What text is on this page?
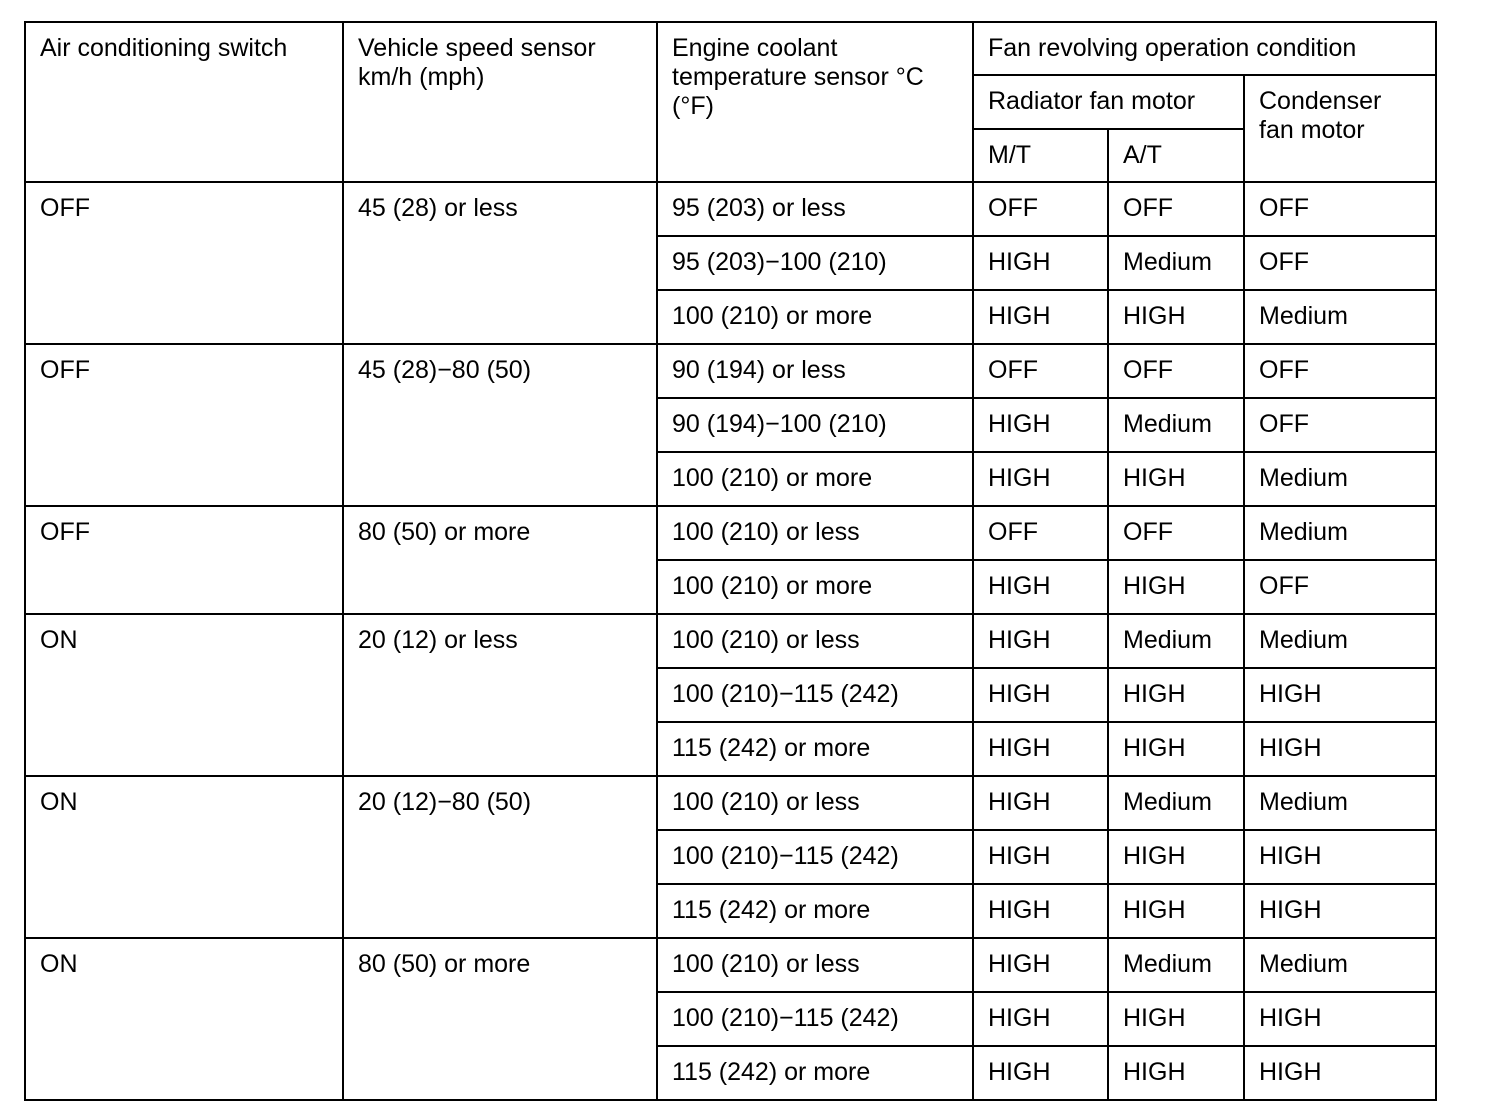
Air conditioning switch	Vehicle speed sensor km/h (mph)	Engine coolant temperature sensor °C (°F)	Fan revolving operation condition		
			Radiator fan motor		Condenser fan motor
			M/T	A/T	
OFF	45 (28) or less	95 (203) or less	OFF	OFF	OFF
		95 (203)−100 (210)	HIGH	Medium	OFF
		100 (210) or more	HIGH	HIGH	Medium
OFF	45 (28)−80 (50)	90 (194) or less	OFF	OFF	OFF
		90 (194)−100 (210)	HIGH	Medium	OFF
		100 (210) or more	HIGH	HIGH	Medium
OFF	80 (50) or more	100 (210) or less	OFF	OFF	Medium
		100 (210) or more	HIGH	HIGH	OFF
ON	20 (12) or less	100 (210) or less	HIGH	Medium	Medium
		100 (210)−115 (242)	HIGH	HIGH	HIGH
		115 (242) or more	HIGH	HIGH	HIGH
ON	20 (12)−80 (50)	100 (210) or less	HIGH	Medium	Medium
		100 (210)−115 (242)	HIGH	HIGH	HIGH
		115 (242) or more	HIGH	HIGH	HIGH
ON	80 (50) or more	100 (210) or less	HIGH	Medium	Medium
		100 (210)−115 (242)	HIGH	HIGH	HIGH
		115 (242) or more	HIGH	HIGH	HIGH
